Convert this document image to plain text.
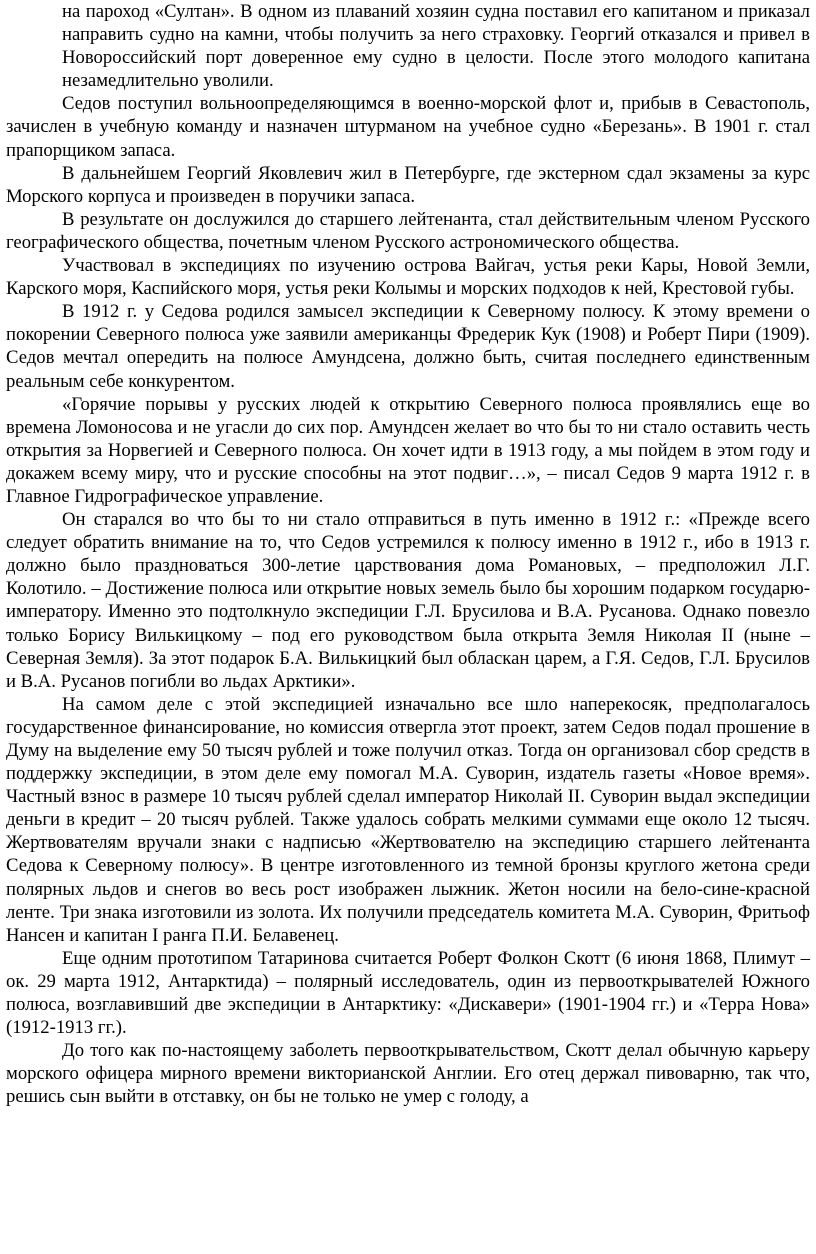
на пароход «Султан». В одном из плаваний хозяин судна поставил его капитаном и приказал направить судно на камни, чтобы получить за него страховку. Георгий отказался и привел в Новороссийский порт доверенное ему судно в целости. После этого молодого капитана незамедлительно уволили.

Седов поступил вольноопределяющимся в военно-морской флот и, прибыв в Севастополь, зачислен в учебную команду и назначен штурманом на учебное судно «Березань». В 1901 г. стал прапорщиком запаса.

В дальнейшем Георгий Яковлевич жил в Петербурге, где экстерном сдал экзамены за курс Морского корпуса и произведен в поручики запаса.

В результате он дослужился до старшего лейтенанта, стал действительным членом Русского географического общества, почетным членом Русского астрономического общества.

Участвовал в экспедициях по изучению острова Вайгач, устья реки Кары, Новой Земли, Карского моря, Каспийского моря, устья реки Колымы и морских подходов к ней, Крестовой губы.

В 1912 г. у Седова родился замысел экспедиции к Северному полюсу. К этому времени о покорении Северного полюса уже заявили американцы Фредерик Кук (1908) и Роберт Пири (1909). Седов мечтал опередить на полюсе Амундсена, должно быть, считая последнего единственным реальным себе конкурентом.

«Горячие порывы у русских людей к открытию Северного полюса проявлялись еще во времена Ломоносова и не угасли до сих пор. Амундсен желает во что бы то ни стало оставить честь открытия за Норвегией и Северного полюса. Он хочет идти в 1913 году, а мы пойдем в этом году и докажем всему миру, что и русские способны на этот подвиг…», – писал Седов 9 марта 1912 г. в Главное Гидрографическое управление.

Он старался во что бы то ни стало отправиться в путь именно в 1912 г.: «Прежде всего следует обратить внимание на то, что Седов устремился к полюсу именно в 1912 г., ибо в 1913 г. должно было праздноваться 300-летие царствования дома Романовых, – предположил Л.Г. Колотило. – Достижение полюса или открытие новых земель было бы хорошим подарком государю-императору. Именно это подтолкнуло экспедиции Г.Л. Брусилова и В.А. Русанова. Однако повезло только Борису Вилькицкому – под его руководством была открыта Земля Николая II (ныне – Северная Земля). За этот подарок Б.А. Вилькицкий был обласкан царем, а Г.Я. Седов, Г.Л. Брусилов и В.А. Русанов погибли во льдах Арктики».

На самом деле с этой экспедицией изначально все шло наперекосяк, предполагалось государственное финансирование, но комиссия отвергла этот проект, затем Седов подал прошение в Думу на выделение ему 50 тысяч рублей и тоже получил отказ. Тогда он организовал сбор средств в поддержку экспедиции, в этом деле ему помогал М.А. Суворин, издатель газеты «Новое время». Частный взнос в размере 10 тысяч рублей сделал император Николай II. Суворин выдал экспедиции деньги в кредит – 20 тысяч рублей. Также удалось собрать мелкими суммами еще около 12 тысяч. Жертвователям вручали знаки с надписью «Жертвователю на экспедицию старшего лейтенанта Седова к Северному полюсу». В центре изготовленного из темной бронзы круглого жетона среди полярных льдов и снегов во весь рост изображен лыжник. Жетон носили на бело-сине-красной ленте. Три знака изготовили из золота. Их получили председатель комитета М.А. Суворин, Фритьоф Нансен и капитан I ранга П.И. Белавенец.

Еще одним прототипом Татаринова считается Роберт Фолкон Скотт (6 июня 1868, Плимут – ок. 29 марта 1912, Антарктида) – полярный исследователь, один из первооткрывателей Южного полюса, возглавивший две экспедиции в Антарктику: «Дискавери» (1901-1904 гг.) и «Терра Нова» (1912-1913 гг.).

До того как по-настоящему заболеть первооткрывательством, Скотт делал обычную карьеру морского офицера мирного времени викторианской Англии. Его отец держал пивоварню, так что, решись сын выйти в отставку, он бы не только не умер с голоду, а
